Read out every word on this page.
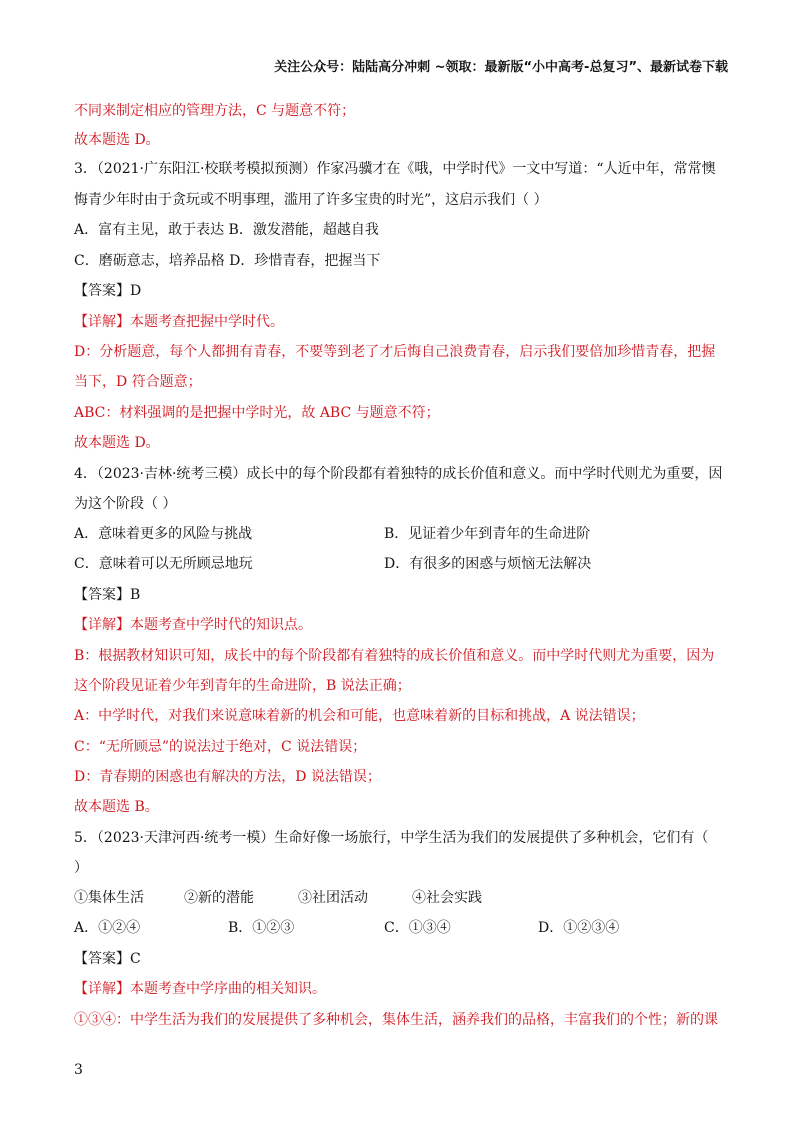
关注公众号：陆陆高分冲刺 ~领取：最新版“小中高考-总复习”、最新试卷下载
不同来制定相应的管理方法，C 与题意不符；
故本题选 D。
3．（2021·广东阳江·校联考模拟预测）作家冯骥才在《哦，中学时代》一文中写道：“人近中年，常常懊
悔青少年时由于贪玩或不明事理，滥用了许多宝贵的时光”，这启示我们（ ）
A．富有主见，敢于表达 B．激发潜能，超越自我
C．磨砺意志，培养品格 D．珍惜青春，把握当下
【答案】D
【详解】本题考查把握中学时代。
D：分析题意，每个人都拥有青春，不要等到老了才后悔自己浪费青春，启示我们要倍加珍惜青春，把握
当下，D 符合题意；
ABC：材料强调的是把握中学时光，故 ABC 与题意不符；
故本题选 D。
4．（2023·吉林·统考三模）成长中的每个阶段都有着独特的成长价值和意义。而中学时代则尤为重要，因
为这个阶段（ ）
A．意味着更多的风险与挑战	B．见证着少年到青年的生命进阶
C．意味着可以无所顾忌地玩	D．有很多的困惑与烦恼无法解决
【答案】B
【详解】本题考查中学时代的知识点。
B：根据教材知识可知，成长中的每个阶段都有着独特的成长价值和意义。而中学时代则尤为重要，因为
这个阶段见证着少年到青年的生命进阶，B 说法正确；
A：中学时代，对我们来说意味着新的机会和可能，也意味着新的目标和挑战，A 说法错误；
C：“无所顾忌”的说法过于绝对，C 说法错误；
D：青春期的困惑也有解决的方法，D 说法错误；
故本题选 B。
5．（2023·天津河西·统考一模）生命好像一场旅行，中学生活为我们的发展提供了多种机会，它们有（
）
①集体生活	②新的潜能	③社团活动	④社会实践
A．①②④	B．①②③	C．①③④	D．①②③④
【答案】C
【详解】本题考查中学序曲的相关知识。
①③④：中学生活为我们的发展提供了多种机会，集体生活，涵养我们的品格，丰富我们的个性；新的课
3
